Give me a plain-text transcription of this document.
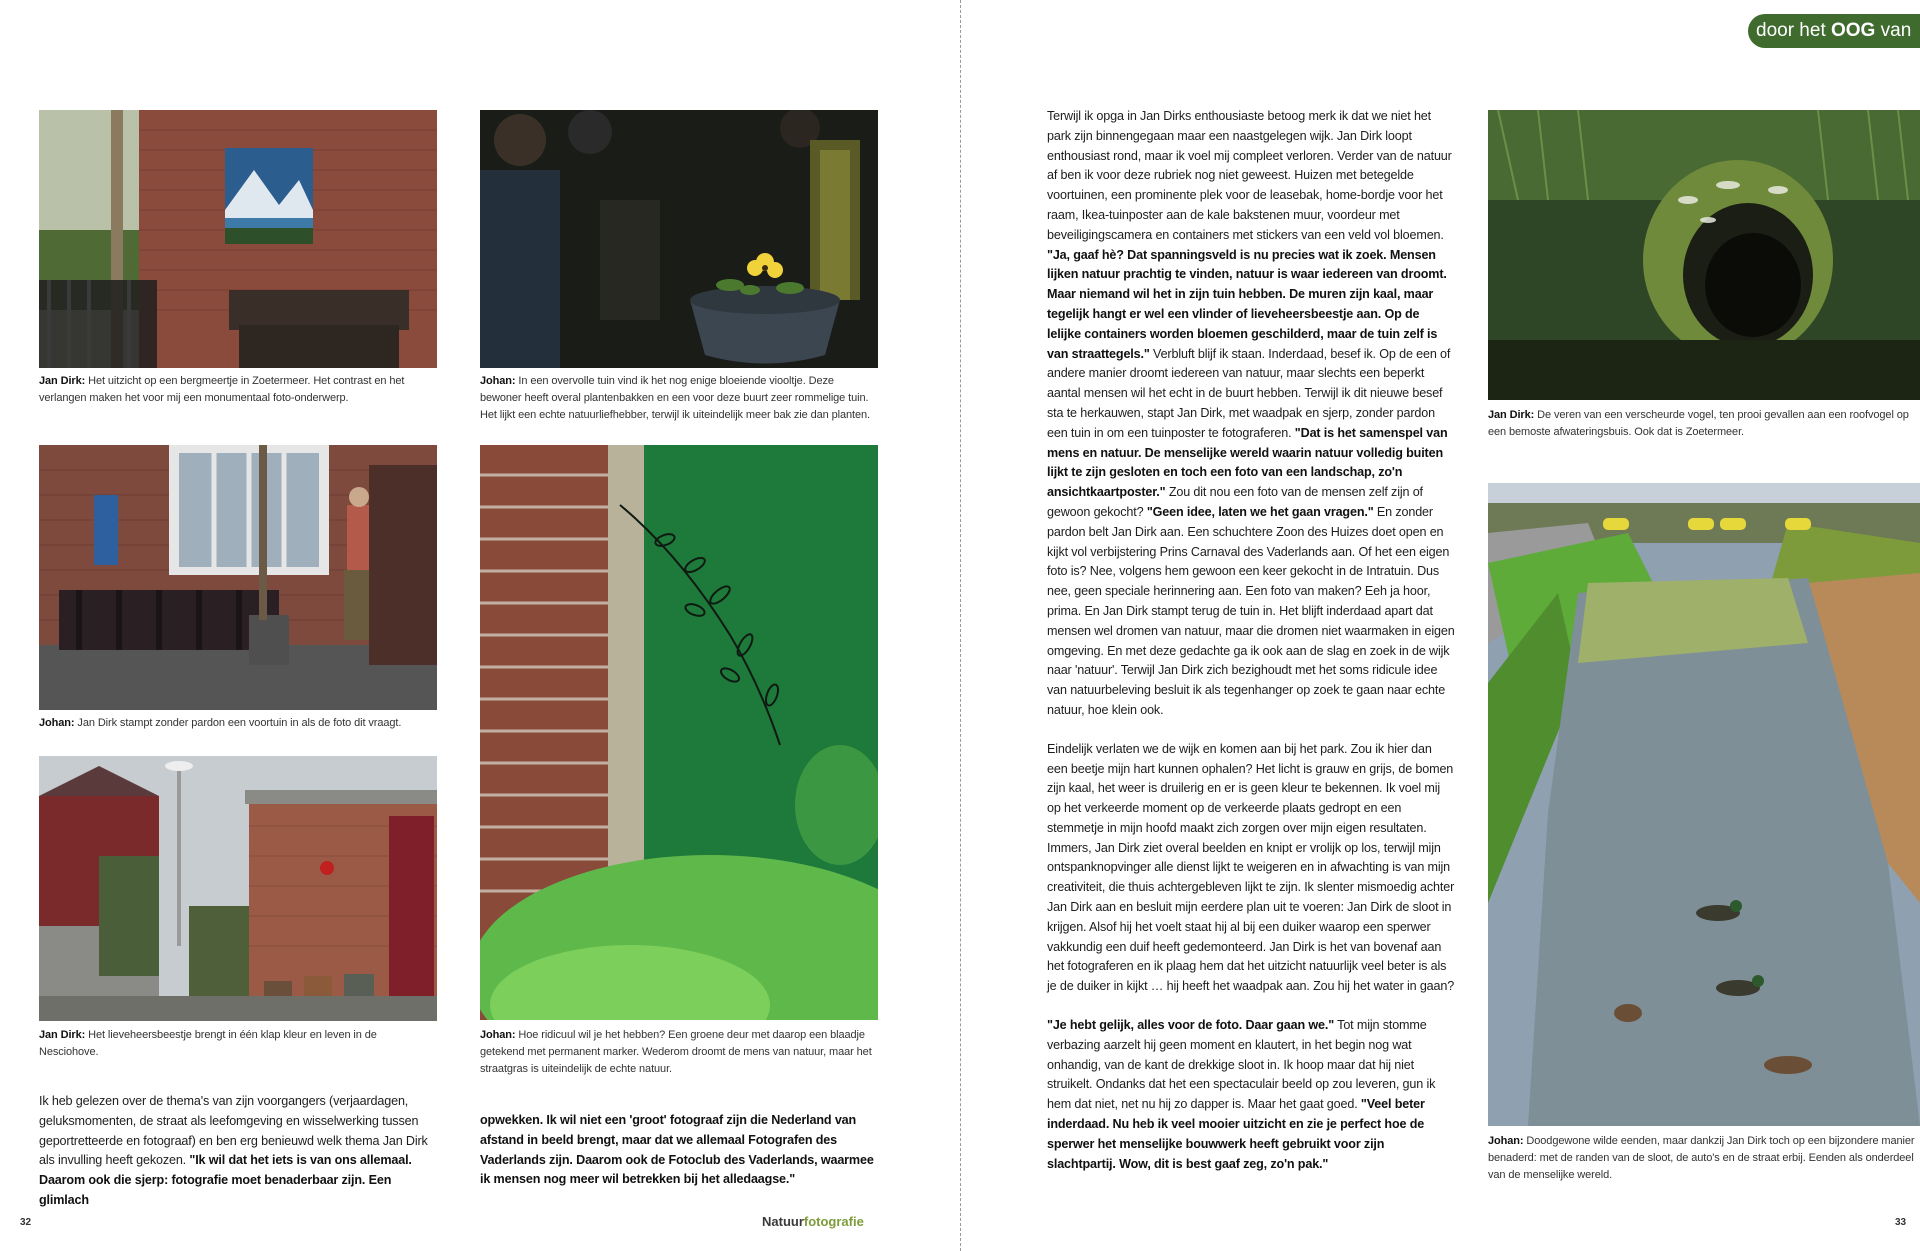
Jan Dirk: Het uitzicht op een bergmeertje in Zoetermeer. Het contrast en het verlangen maken het voor mij een monumentaal foto-onderwerp.
Johan: In een overvolle tuin vind ik het nog enige bloeiende viooltje. Deze bewoner heeft overal plantenbakken en een voor deze buurt zeer rommelige tuin. Het lijkt een echte natuurliefhebber, terwijl ik uiteindelijk meer bak zie dan planten.
Johan: Jan Dirk stampt zonder pardon een voortuin in als de foto dit vraagt.
Jan Dirk: Het lieveheersbeestje brengt in één klap kleur en leven in de Nesciohove.
Johan: Hoe ridicuul wil je het hebben? Een groene deur met daarop een blaadje getekend met permanent marker. Wederom droomt de mens van natuur, maar het straatgras is uiteindelijk de echte natuur.
Ik heb gelezen over de thema's van zijn voorgangers (verjaardagen, geluksmomenten, de straat als leefomgeving en wisselwerking tussen geportretteerde en fotograaf) en ben erg benieuwd welk thema Jan Dirk als invulling heeft gekozen. "Ik wil dat het iets is van ons allemaal. Daarom ook die sjerp: fotografie moet benaderbaar zijn. Een glimlach
opwekken. Ik wil niet een 'groot' fotograaf zijn die Nederland van afstand in beeld brengt, maar dat we allemaal Fotografen des Vaderlands zijn. Daarom ook de Fotoclub des Vaderlands, waarmee ik mensen nog meer wil betrekken bij het alledaagse."
32	Natuurfotografie
door het OOG van

Terwijl ik opga in Jan Dirks enthousiaste betoog merk ik dat we niet het park zijn binnengegaan maar een naastgelegen wijk. Jan Dirk loopt enthousiast rond, maar ik voel mij compleet verloren. Verder van de natuur af ben ik voor deze rubriek nog niet geweest. Huizen met betegelde voortuinen, een prominente plek voor de leasebak, home-bordje voor het raam, Ikea-tuinposter aan de kale bakstenen muur, voordeur met beveiligingscamera en containers met stickers van een veld vol bloemen. "Ja, gaaf hè? Dat spanningsveld is nu precies wat ik zoek. Mensen lijken natuur prachtig te vinden, natuur is waar iedereen van droomt. Maar niemand wil het in zijn tuin hebben. De muren zijn kaal, maar tegelijk hangt er wel een vlinder of lieveheersbeestje aan. Op de lelijke containers worden bloemen geschilderd, maar de tuin zelf is van straattegels." Verbluft blijf ik staan. Inderdaad, besef ik. Op de een of andere manier droomt iedereen van natuur, maar slechts een beperkt aantal mensen wil het echt in de buurt hebben. Terwijl ik dit nieuwe besef sta te herkauwen, stapt Jan Dirk, met waadpak en sjerp, zonder pardon een tuin in om een tuinposter te fotograferen. "Dat is het samenspel van mens en natuur. De menselijke wereld waarin natuur volledig buiten lijkt te zijn gesloten en toch een foto van een landschap, zo'n ansichtkaartposter." Zou dit nou een foto van de mensen zelf zijn of gewoon gekocht? "Geen idee, laten we het gaan vragen." En zonder pardon belt Jan Dirk aan. Een schuchtere Zoon des Huizes doet open en kijkt vol verbijstering Prins Carnaval des Vaderlands aan. Of het een eigen foto is? Nee, volgens hem gewoon een keer gekocht in de Intratuin. Dus nee, geen speciale herinnering aan. Een foto van maken? Eeh ja hoor, prima. En Jan Dirk stampt terug de tuin in. Het blijft inderdaad apart dat mensen wel dromen van natuur, maar die dromen niet waarmaken in eigen omgeving. En met deze gedachte ga ik ook aan de slag en zoek in de wijk naar 'natuur'. Terwijl Jan Dirk zich bezighoudt met het soms ridicule idee van natuurbeleving besluit ik als tegenhanger op zoek te gaan naar echte natuur, hoe klein ook.

Eindelijk verlaten we de wijk en komen aan bij het park. Zou ik hier dan een beetje mijn hart kunnen ophalen? Het licht is grauw en grijs, de bomen zijn kaal, het weer is druilerig en er is geen kleur te bekennen. Ik voel mij op het verkeerde moment op de verkeerde plaats gedropt en een stemmetje in mijn hoofd maakt zich zorgen over mijn eigen resultaten. Immers, Jan Dirk ziet overal beelden en knipt er vrolijk op los, terwijl mijn ontspanknopvinger alle dienst lijkt te weigeren en in afwachting is van mijn creativiteit, die thuis achtergebleven lijkt te zijn. Ik slenter mismoedig achter Jan Dirk aan en besluit mijn eerdere plan uit te voeren: Jan Dirk de sloot in krijgen. Alsof hij het voelt staat hij al bij een duiker waarop een sperwer vakkundig een duif heeft gedemonteerd. Jan Dirk is het van bovenaf aan het fotograferen en ik plaag hem dat het uitzicht natuurlijk veel beter is als je de duiker in kijkt … hij heeft het waadpak aan. Zou hij het water in gaan?

"Je hebt gelijk, alles voor de foto. Daar gaan we." Tot mijn stomme verbazing aarzelt hij geen moment en klautert, in het begin nog wat onhandig, van de kant de drekkige sloot in. Ik hoop maar dat hij niet struikelt. Ondanks dat het een spectaculair beeld op zou leveren, gun ik hem dat niet, net nu hij zo dapper is. Maar het gaat goed. "Veel beter inderdaad. Nu heb ik veel mooier uitzicht en zie je perfect hoe de sperwer het menselijke bouwwerk heeft gebruikt voor zijn slachtpartij. Wow, dit is best gaaf zeg, zo'n pak."

Jan Dirk: De veren van een verscheurde vogel, ten prooi gevallen aan een roofvogel op een bemoste afwateringsbuis. Ook dat is Zoetermeer.
Johan: Doodgewone wilde eenden, maar dankzij Jan Dirk toch op een bijzondere manier benaderd: met de randen van de sloot, de auto's en de straat erbij. Eenden als onderdeel van de menselijke wereld.
33
